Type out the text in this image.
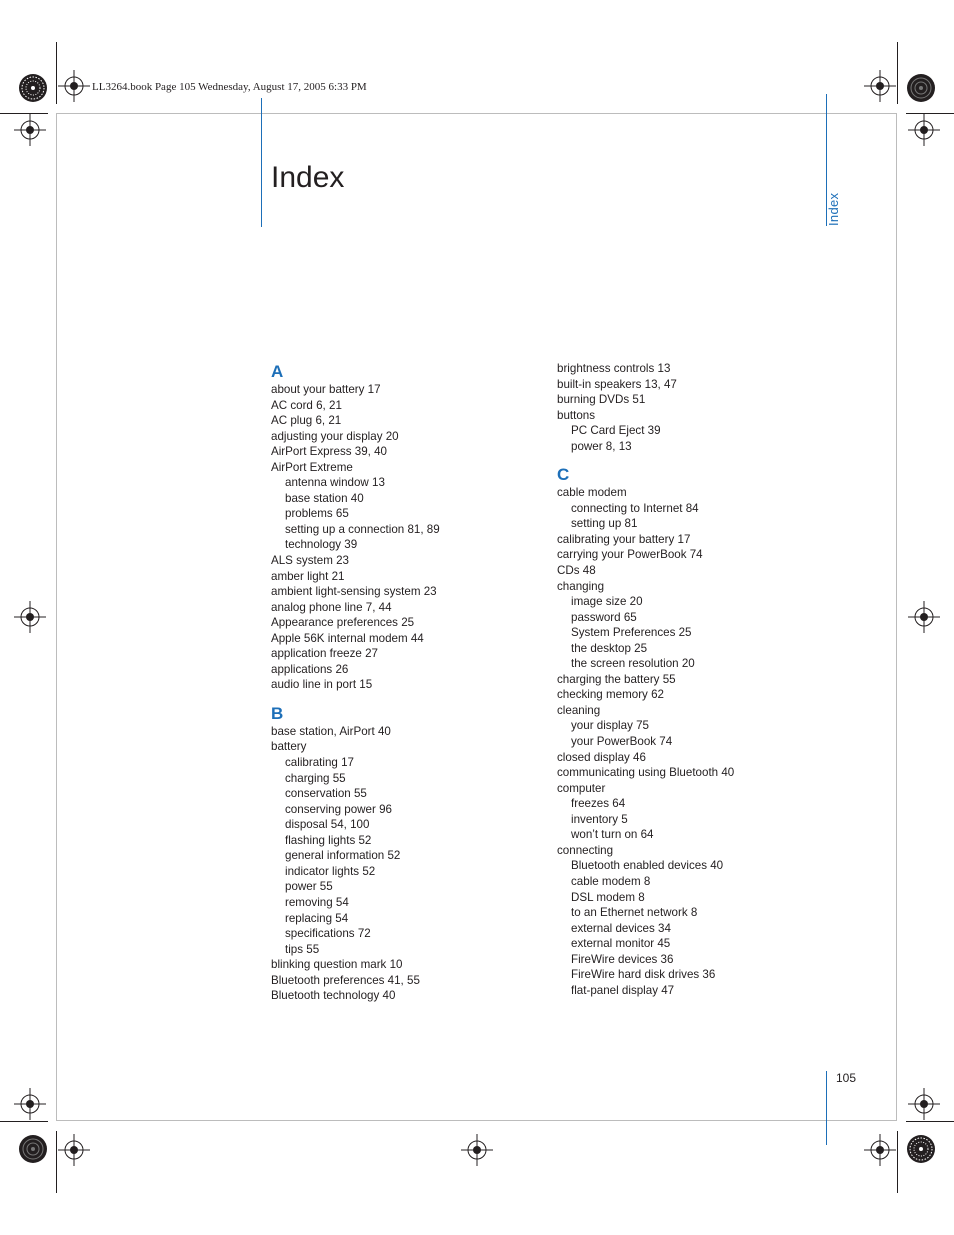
LL3264.book Page 105 Wednesday, August 17, 2005 6:33 PM
Index
Index
105
A
about your battery 17
AC cord 6, 21
AC plug 6, 21
adjusting your display 20
AirPort Express 39, 40
AirPort Extreme
antenna window 13
base station 40
problems 65
setting up a connection 81, 89
technology 39
ALS system 23
amber light 21
ambient light-sensing system 23
analog phone line 7, 44
Appearance preferences 25
Apple 56K internal modem 44
application freeze 27
applications 26
audio line in port 15
B
base station, AirPort 40
battery
calibrating 17
charging 55
conservation 55
conserving power 96
disposal 54, 100
flashing lights 52
general information 52
indicator lights 52
power 55
removing 54
replacing 54
specifications 72
tips 55
blinking question mark 10
Bluetooth preferences 41, 55
Bluetooth technology 40
brightness controls 13
built-in speakers 13, 47
burning DVDs 51
buttons
PC Card Eject 39
power 8, 13
C
cable modem
connecting to Internet 84
setting up 81
calibrating your battery 17
carrying your PowerBook 74
CDs 48
changing
image size 20
password 65
System Preferences 25
the desktop 25
the screen resolution 20
charging the battery 55
checking memory 62
cleaning
your display 75
your PowerBook 74
closed display 46
communicating using Bluetooth 40
computer
freezes 64
inventory 5
won’t turn on 64
connecting
Bluetooth enabled devices 40
cable modem 8
DSL modem 8
to an Ethernet network 8
external devices 34
external monitor 45
FireWire devices 36
FireWire hard disk drives 36
flat-panel display 47
